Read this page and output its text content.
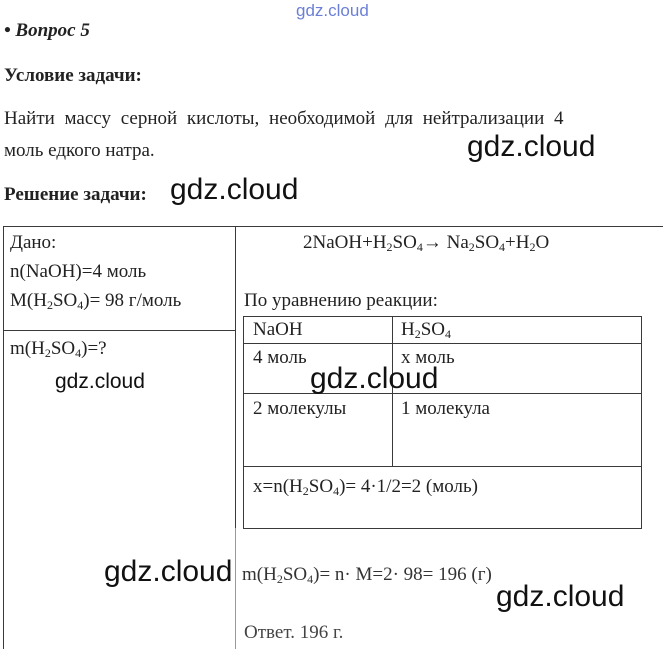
gdz.cloud
• Вопрос 5
Условие задачи:
Найти массу серной кислоты, необходимой для нейтрализации 4
моль едкого натра.
Решение задачи:
gdz.cloud
gdz.cloud
Дано:
n(NaOH)=4 моль
$M(H_2SO_4)= 98$ г/моль
$m(H_2SO_4)=$?
gdz.cloud
$2NaOH+H_2SO_4\to Na_2SO_4+H_2O$
По уравнению реакции:
NaOH	$H_2SO_4$
4 моль	x моль
2 молекулы	1 молекула
$x=n(H_2SO_4)= 4\cdot 1/2=2$ (моль)
gdz.cloud
gdz.cloud $m(H_2SO_4)= n\cdot M=2\cdot 98= 196$ (г)
gdz.cloud
Ответ. 196 г.
